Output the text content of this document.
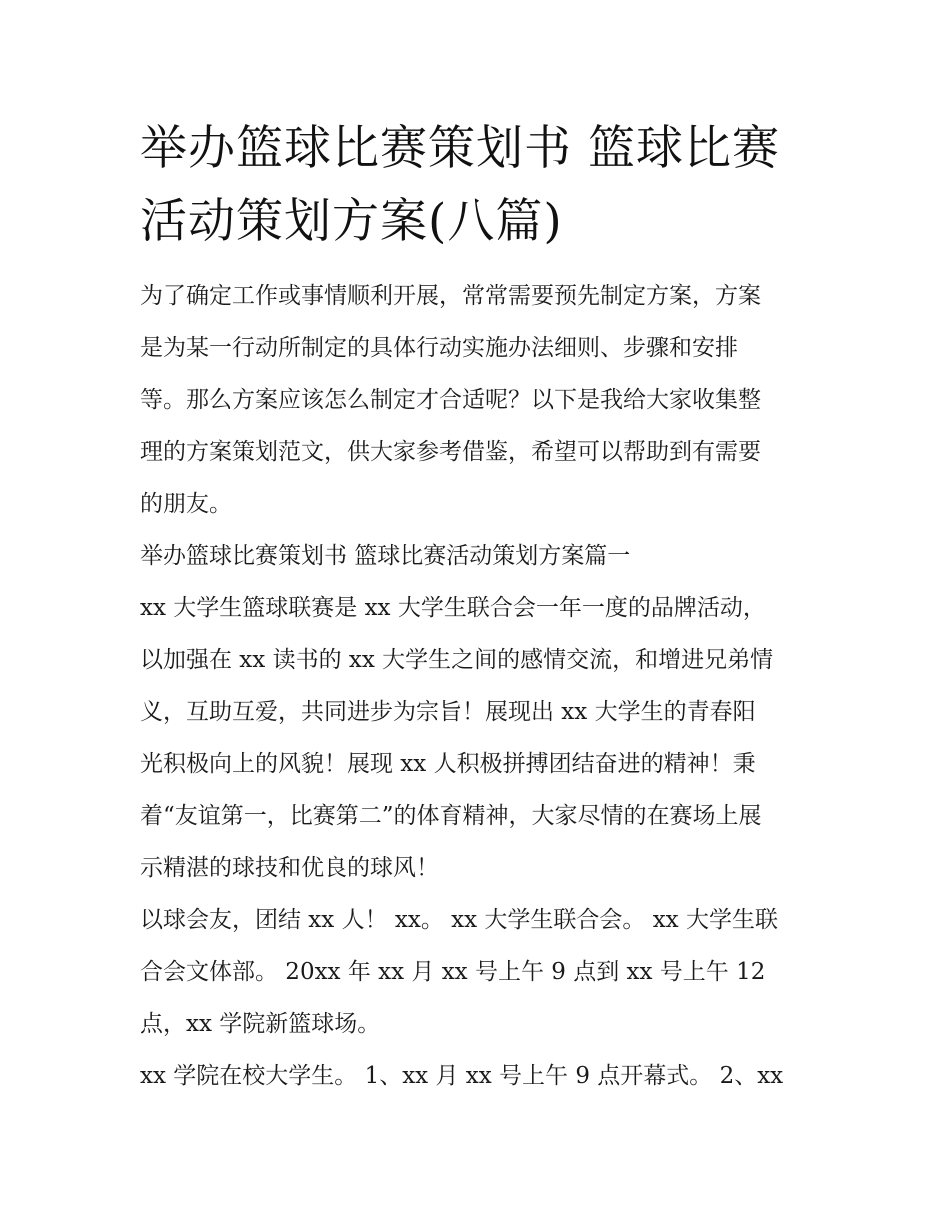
举办篮球比赛策划书 篮球比赛
活动策划方案(八篇)

为了确定工作或事情顺利开展，常常需要预先制定方案，方案
是为某一行动所制定的具体行动实施办法细则、步骤和安排
等。那么方案应该怎么制定才合适呢？以下是我给大家收集整
理的方案策划范文，供大家参考借鉴，希望可以帮助到有需要
的朋友。

举办篮球比赛策划书 篮球比赛活动策划方案篇一

xx 大学生篮球联赛是 xx 大学生联合会一年一度的品牌活动，
以加强在 xx 读书的 xx 大学生之间的感情交流，和增进兄弟情
义，互助互爱，共同进步为宗旨！展现出 xx 大学生的青春阳
光积极向上的风貌！展现 xx 人积极拼搏团结奋进的精神！秉
着“友谊第一，比赛第二”的体育精神，大家尽情的在赛场上展
示精湛的球技和优良的球风！

以球会友，团结 xx 人！ xx。 xx 大学生联合会。 xx 大学生联
合会文体部。 20xx 年 xx 月 xx 号上午 9 点到 xx 号上午 12
点，xx 学院新篮球场。

xx 学院在校大学生。 1、xx 月 xx 号上午 9 点开幕式。 2、xx
